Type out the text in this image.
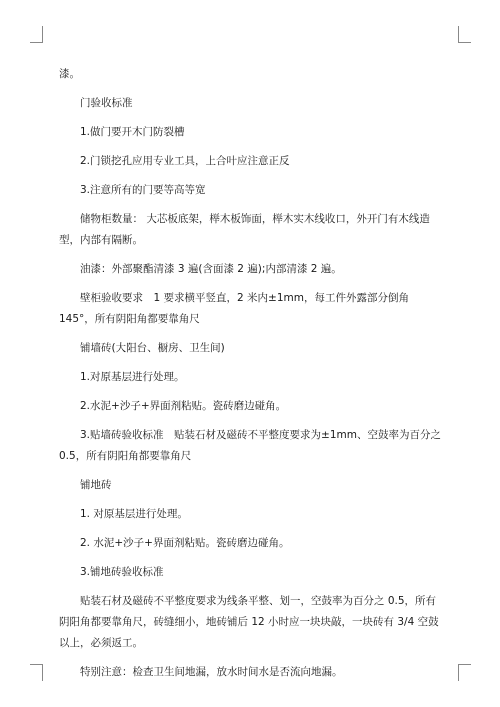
漆。

门验收标准

1.做门要开木门防裂槽

2.门锁挖孔应用专业工具，上合叶应注意正反

3.注意所有的门要等高等宽

储物柜数量： 大芯板底架，榉木板饰面，榉木实木线收口，外开门有木线造型，内部有隔断。

油漆：外部聚酯清漆 3 遍(含面漆 2 遍);内部清漆 2 遍。

壁柜验收要求　1 要求横平竖直，2 米内±1mm，每工件外露部分倒角 145°，所有阴阳角都要靠角尺

铺墙砖(大阳台、橱房、卫生间)

1.对原基层进行处理。

2.水泥+沙子+界面剂粘贴。瓷砖磨边碰角。

3.贴墙砖验收标准　贴装石材及磁砖不平整度要求为±1mm、空鼓率为百分之 0.5，所有阴阳角都要靠角尺

铺地砖

1. 对原基层进行处理。

2. 水泥+沙子+界面剂粘贴。瓷砖磨边碰角。

3.铺地砖验收标准

贴装石材及磁砖不平整度要求为线条平整、划一，空鼓率为百分之 0.5，所有阴阳角都要靠角尺，砖缝细小，地砖铺后 12 小时应一块块敲，一块砖有 3/4 空鼓以上，必须返工。

特别注意：检查卫生间地漏，放水时间水是否流向地漏。
